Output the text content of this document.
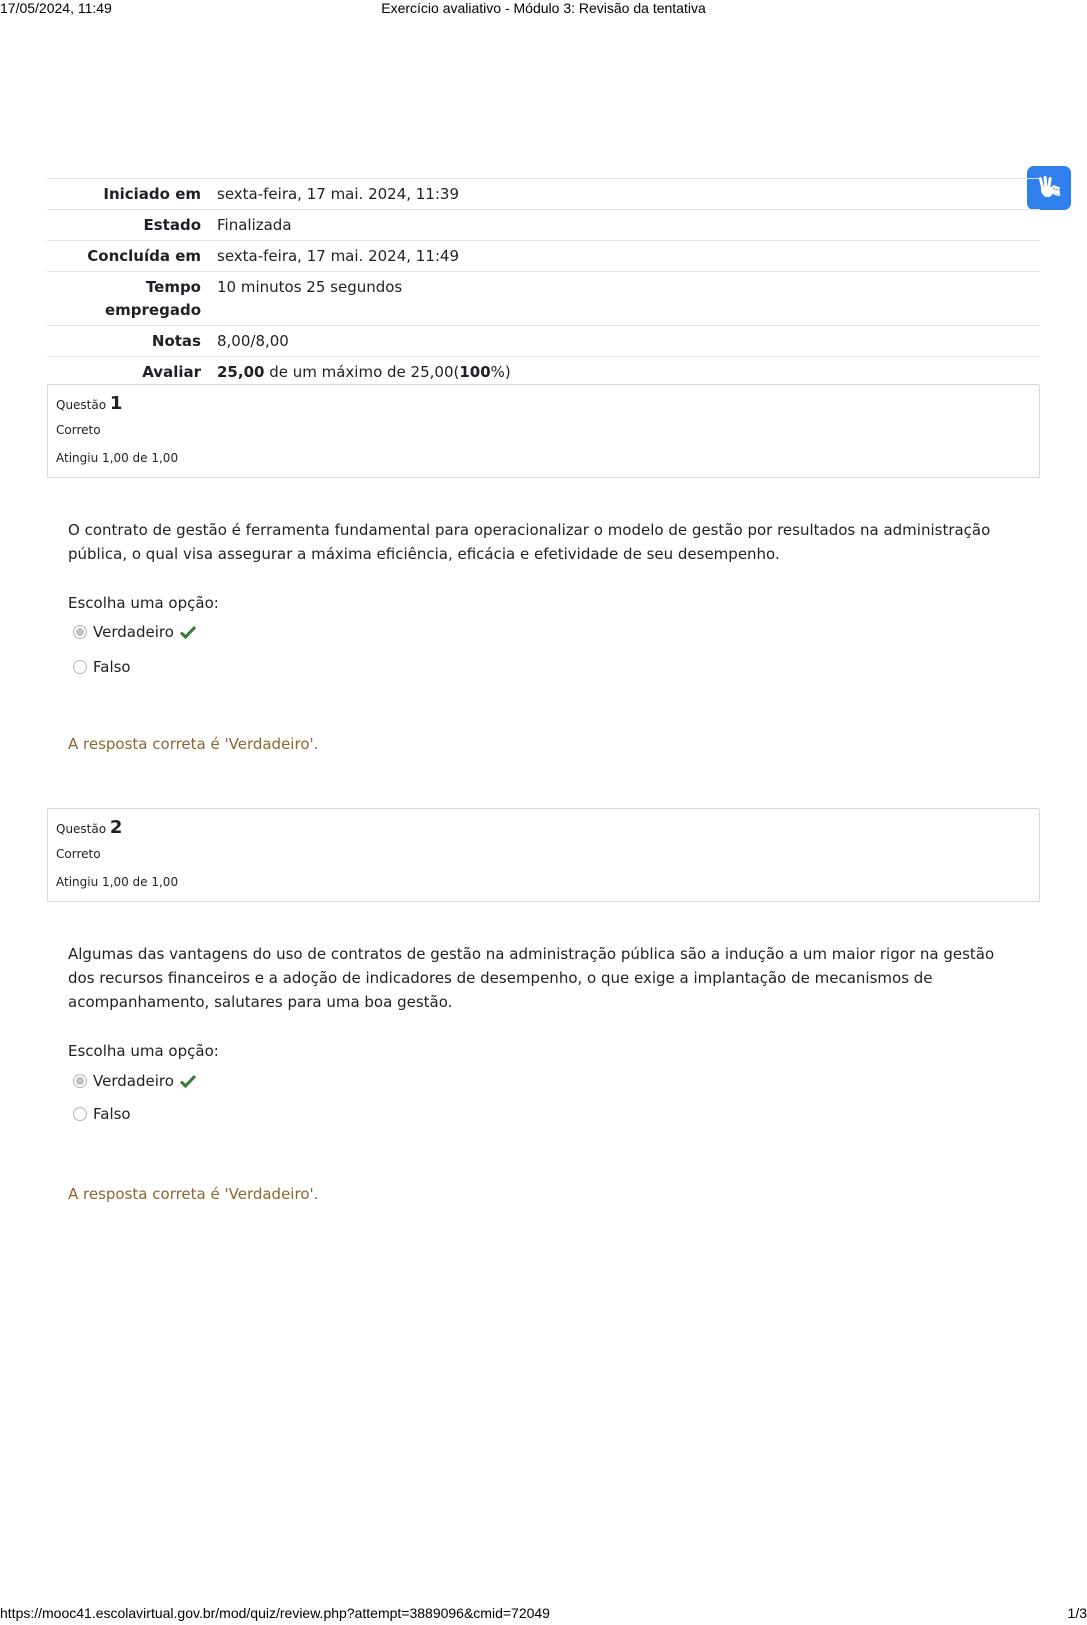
17/05/2024, 11:49	Exercício avaliativo - Módulo 3: Revisão da tentativa
Iniciado em	sexta-feira, 17 mai. 2024, 11:39
Estado	Finalizada
Concluída em	sexta-feira, 17 mai. 2024, 11:49
Tempo
empregado	10 minutos 25 segundos
Notas	8,00/8,00
Avaliar	25,00 de um máximo de 25,00(100%)
Questão 1
Correto
Atingiu 1,00 de 1,00
O contrato de gestão é ferramenta fundamental para operacionalizar o modelo de gestão por resultados na administração pública, o qual visa assegurar a máxima eficiência, eficácia e efetividade de seu desempenho.
Escolha uma opção:
Verdadeiro
Falso
A resposta correta é 'Verdadeiro'.
Questão 2
Correto
Atingiu 1,00 de 1,00
Algumas das vantagens do uso de contratos de gestão na administração pública são a indução a um maior rigor na gestão dos recursos financeiros e a adoção de indicadores de desempenho, o que exige a implantação de mecanismos de acompanhamento, salutares para uma boa gestão.
Escolha uma opção:
Verdadeiro
Falso
A resposta correta é 'Verdadeiro'.
https://mooc41.escolavirtual.gov.br/mod/quiz/review.php?attempt=3889096&cmid=72049	1/3
